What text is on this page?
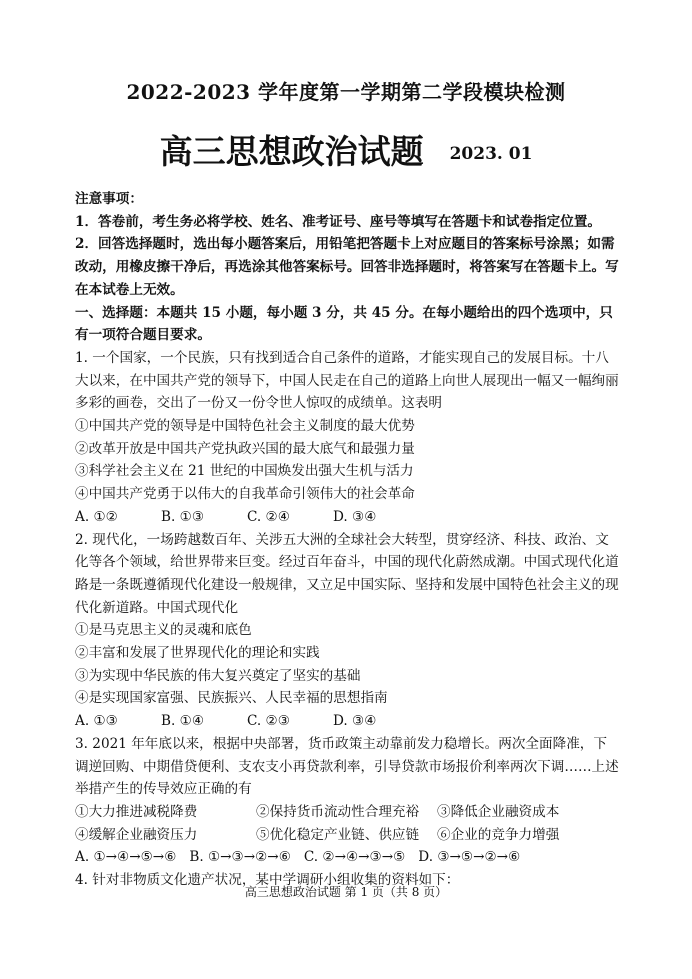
2022-2023 学年度第一学期第二学段模块检测
高三思想政治试题 2023. 01

注意事项：

1．答卷前，考生务必将学校、姓名、准考证号、座号等填写在答题卡和试卷指定位置。

2．回答选择题时，选出每小题答案后，用铅笔把答题卡上对应题目的答案标号涂黑；如需改动，用橡皮擦干净后，再选涂其他答案标号。回答非选择题时，将答案写在答题卡上。写在本试卷上无效。

一、选择题：本题共 15 小题，每小题 3 分，共 45 分。在每小题给出的四个选项中，只有一项符合题目要求。

1. 一个国家，一个民族，只有找到适合自己条件的道路，才能实现自己的发展目标。十八大以来，在中国共产党的领导下，中国人民走在自己的道路上向世人展现出一幅又一幅绚丽多彩的画卷，交出了一份又一份令世人惊叹的成绩单。这表明

①中国共产党的领导是中国特色社会主义制度的最大优势

②改革开放是中国共产党执政兴国的最大底气和最强力量

③科学社会主义在 21 世纪的中国焕发出强大生机与活力

④中国共产党勇于以伟大的自我革命引领伟大的社会革命

A. ①②	B. ①③	C. ②④	D. ③④

2. 现代化，一场跨越数百年、关涉五大洲的全球社会大转型，贯穿经济、科技、政治、文化等各个领域，给世界带来巨变。经过百年奋斗，中国的现代化蔚然成潮。中国式现代化道路是一条既遵循现代化建设一般规律，又立足中国实际、坚持和发展中国特色社会主义的现代化新道路。中国式现代化

①是马克思主义的灵魂和底色

②丰富和发展了世界现代化的理论和实践

③为实现中华民族的伟大复兴奠定了坚实的基础

④是实现国家富强、民族振兴、人民幸福的思想指南

A. ①③	B. ①④	C. ②③	D. ③④

3. 2021 年年底以来，根据中央部署，货币政策主动靠前发力稳增长。两次全面降准，下调逆回购、中期借贷便利、支农支小再贷款利率，引导贷款市场报价利率两次下调……上述举措产生的传导效应正确的有

①大力推进减税降费	②保持货币流动性合理充裕	③降低企业融资成本

④缓解企业融资压力	⑤优化稳定产业链、供应链	⑥企业的竞争力增强

A. ①→④→⑤→⑥   B. ①→③→②→⑥   C. ②→④→③→⑤   D. ③→⑤→②→⑥

4. 针对非物质文化遗产状况，某中学调研小组收集的资料如下：

高三思想政治试题 第 1 页（共 8 页）
